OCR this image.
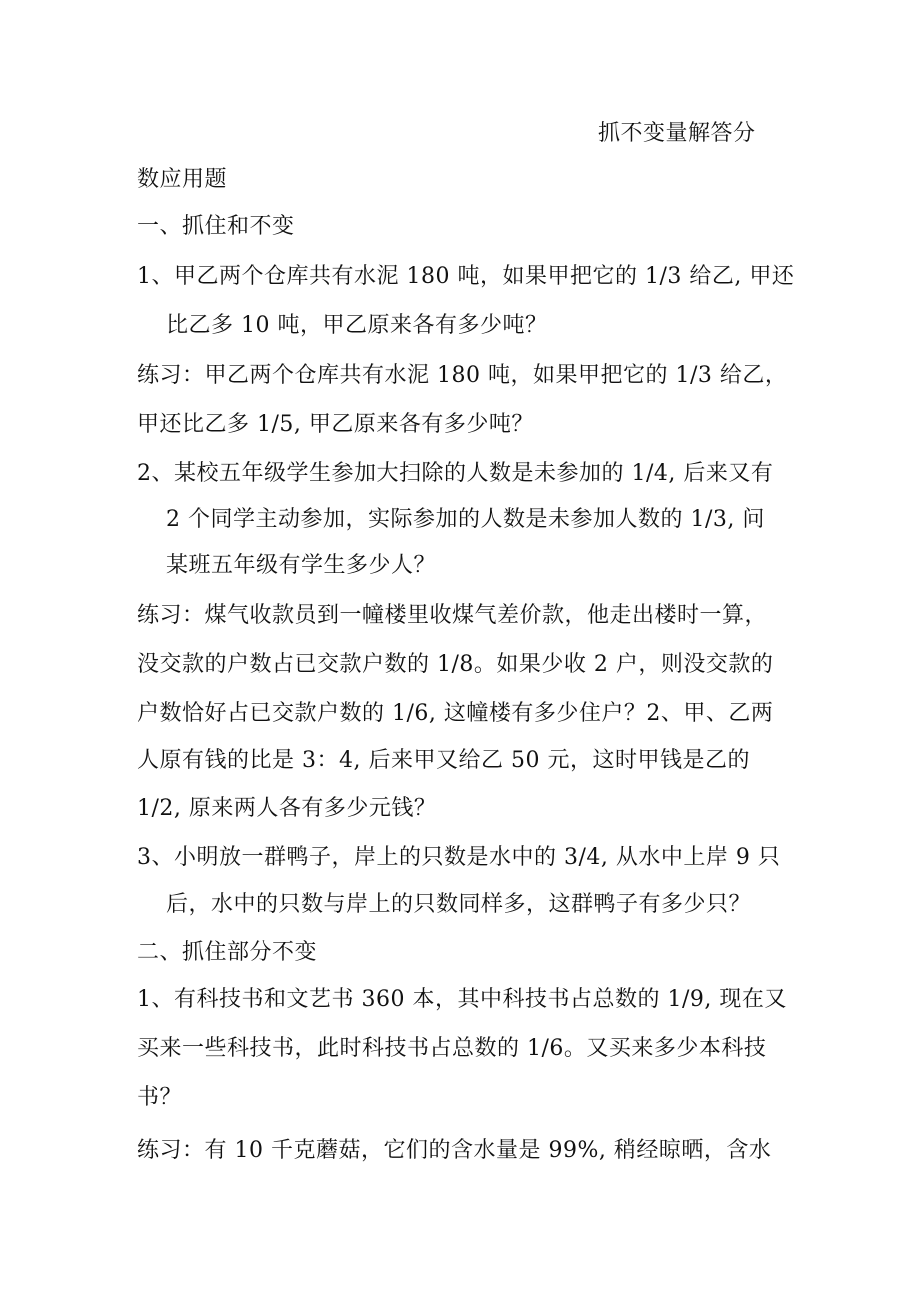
抓不变量解答分
数应用题
一、抓住和不变
1、甲乙两个仓库共有水泥 180 吨，如果甲把它的 1/3 给乙, 甲还
比乙多 10 吨，甲乙原来各有多少吨？
练习：甲乙两个仓库共有水泥 180 吨，如果甲把它的 1/3 给乙，
甲还比乙多 1/5, 甲乙原来各有多少吨？
2、某校五年级学生参加大扫除的人数是未参加的 1/4, 后来又有
2 个同学主动参加，实际参加的人数是未参加人数的 1/3, 问
某班五年级有学生多少人？
练习：煤气收款员到一幢楼里收煤气差价款，他走出楼时一算，
没交款的户数占已交款户数的 1/8。如果少收 2 户，则没交款的
户数恰好占已交款户数的 1/6, 这幢楼有多少住户？2、甲、乙两
人原有钱的比是 3：4, 后来甲又给乙 50 元，这时甲钱是乙的
1/2, 原来两人各有多少元钱？
3、小明放一群鸭子，岸上的只数是水中的 3/4, 从水中上岸 9 只
后，水中的只数与岸上的只数同样多，这群鸭子有多少只？
二、抓住部分不变
1、有科技书和文艺书 360 本，其中科技书占总数的 1/9, 现在又
买来一些科技书，此时科技书占总数的 1/6。又买来多少本科技
书？
练习：有 10 千克蘑菇，它们的含水量是 99%, 稍经晾晒，含水
